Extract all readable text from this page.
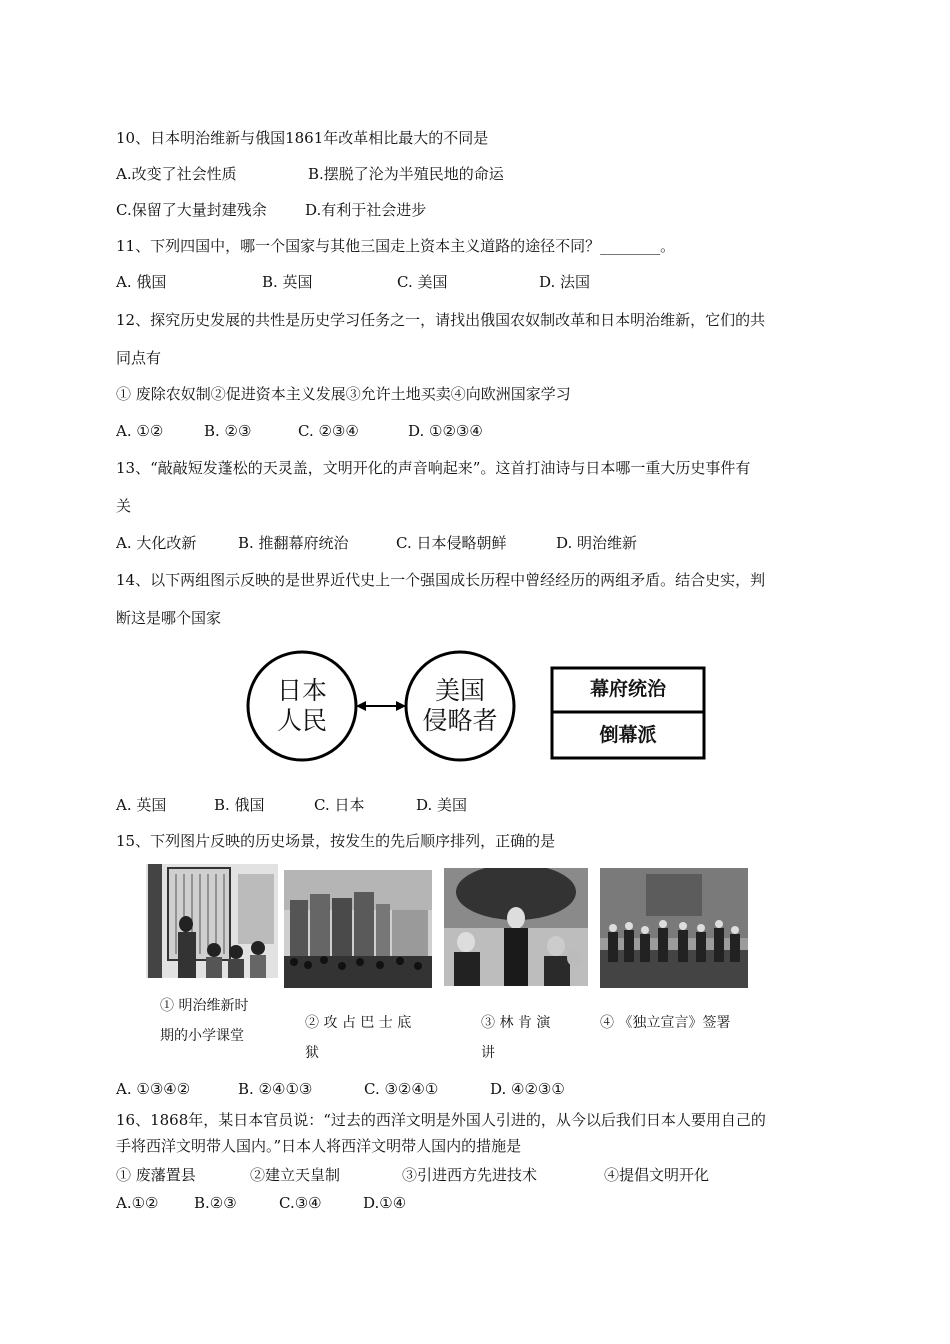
10、日本明治维新与俄国1861年改革相比最大的不同是
A.改变了社会性质	B.摆脱了沦为半殖民地的命运
C.保留了大量封建残余	D.有利于社会进步
11、下列四国中，哪一个国家与其他三国走上资本主义道路的途径不同？________。
A. 俄国	B. 英国	C. 美国	D. 法国
12、探究历史发展的共性是历史学习任务之一，请找出俄国农奴制改革和日本明治维新，它们的共
同点有
① 废除农奴制②促进资本主义发展③允许土地买卖④向欧洲国家学习
A. ①②	B. ②③	C. ②③④	D. ①②③④
13、“敲敲短发蓬松的天灵盖，文明开化的声音响起来”。这首打油诗与日本哪一重大历史事件有
关
A. 大化改新	B. 推翻幕府统治	C. 日本侵略朝鲜	D. 明治维新
14、以下两组图示反映的是世界近代史上一个强国成长历程中曾经经历的两组矛盾。结合史实，判
断这是哪个国家
日本
人民
美国
侵略者
幕府统治
倒幕派
A. 英国	B. 俄国	C. 日本	D. 美国
15、下列图片反映的历史场景，按发生的先后顺序排列，正确的是
① 明治维新时
期的小学课堂
② 攻 占 巴 士 底
狱
③ 林 肯 演
讲
④ 《独立宣言》签署
A. ①③④②	B. ②④①③	C. ③②④①	D. ④②③①
16、1868年，某日本官员说：“过去的西洋文明是外国人引进的，从今以后我们日本人要用自己的
手将西洋文明带人国内。”日本人将西洋文明带人国内的措施是
① 废藩置县	②建立天皇制	③引进西方先进技术	④提倡文明开化
A.①② B.②③	C.③④	D.①④
